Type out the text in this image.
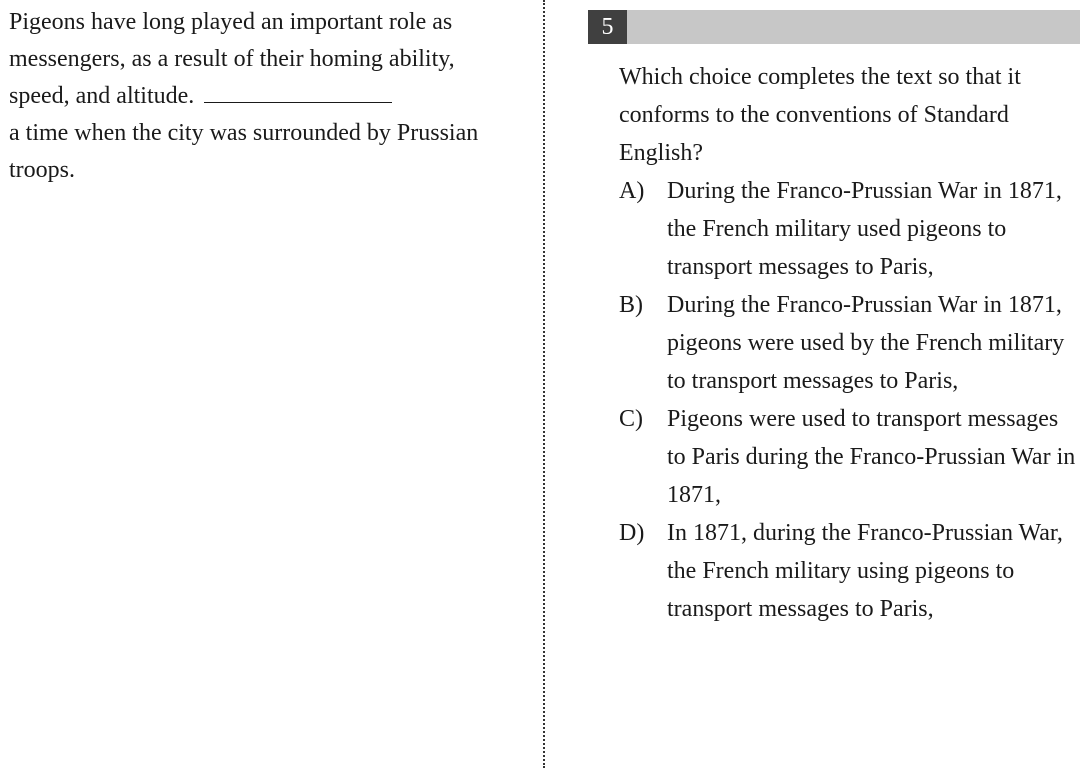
Pigeons have long played an important role as messengers, as a result of their homing ability, speed, and altitude.
a time when the city was surrounded by Prussian troops.

5

Which choice completes the text so that it conforms to the conventions of Standard English?

A) During the Franco-Prussian War in 1871, the French military used pigeons to transport messages to Paris,
B)	During the Franco-Prussian War in 1871, pigeons were used by the French military to transport messages to Paris,
C)	Pigeons were used to transport messages to Paris during the Franco-Prussian War in 1871,
D) In 1871, during the Franco-Prussian War, the French military using pigeons to transport messages to Paris,
